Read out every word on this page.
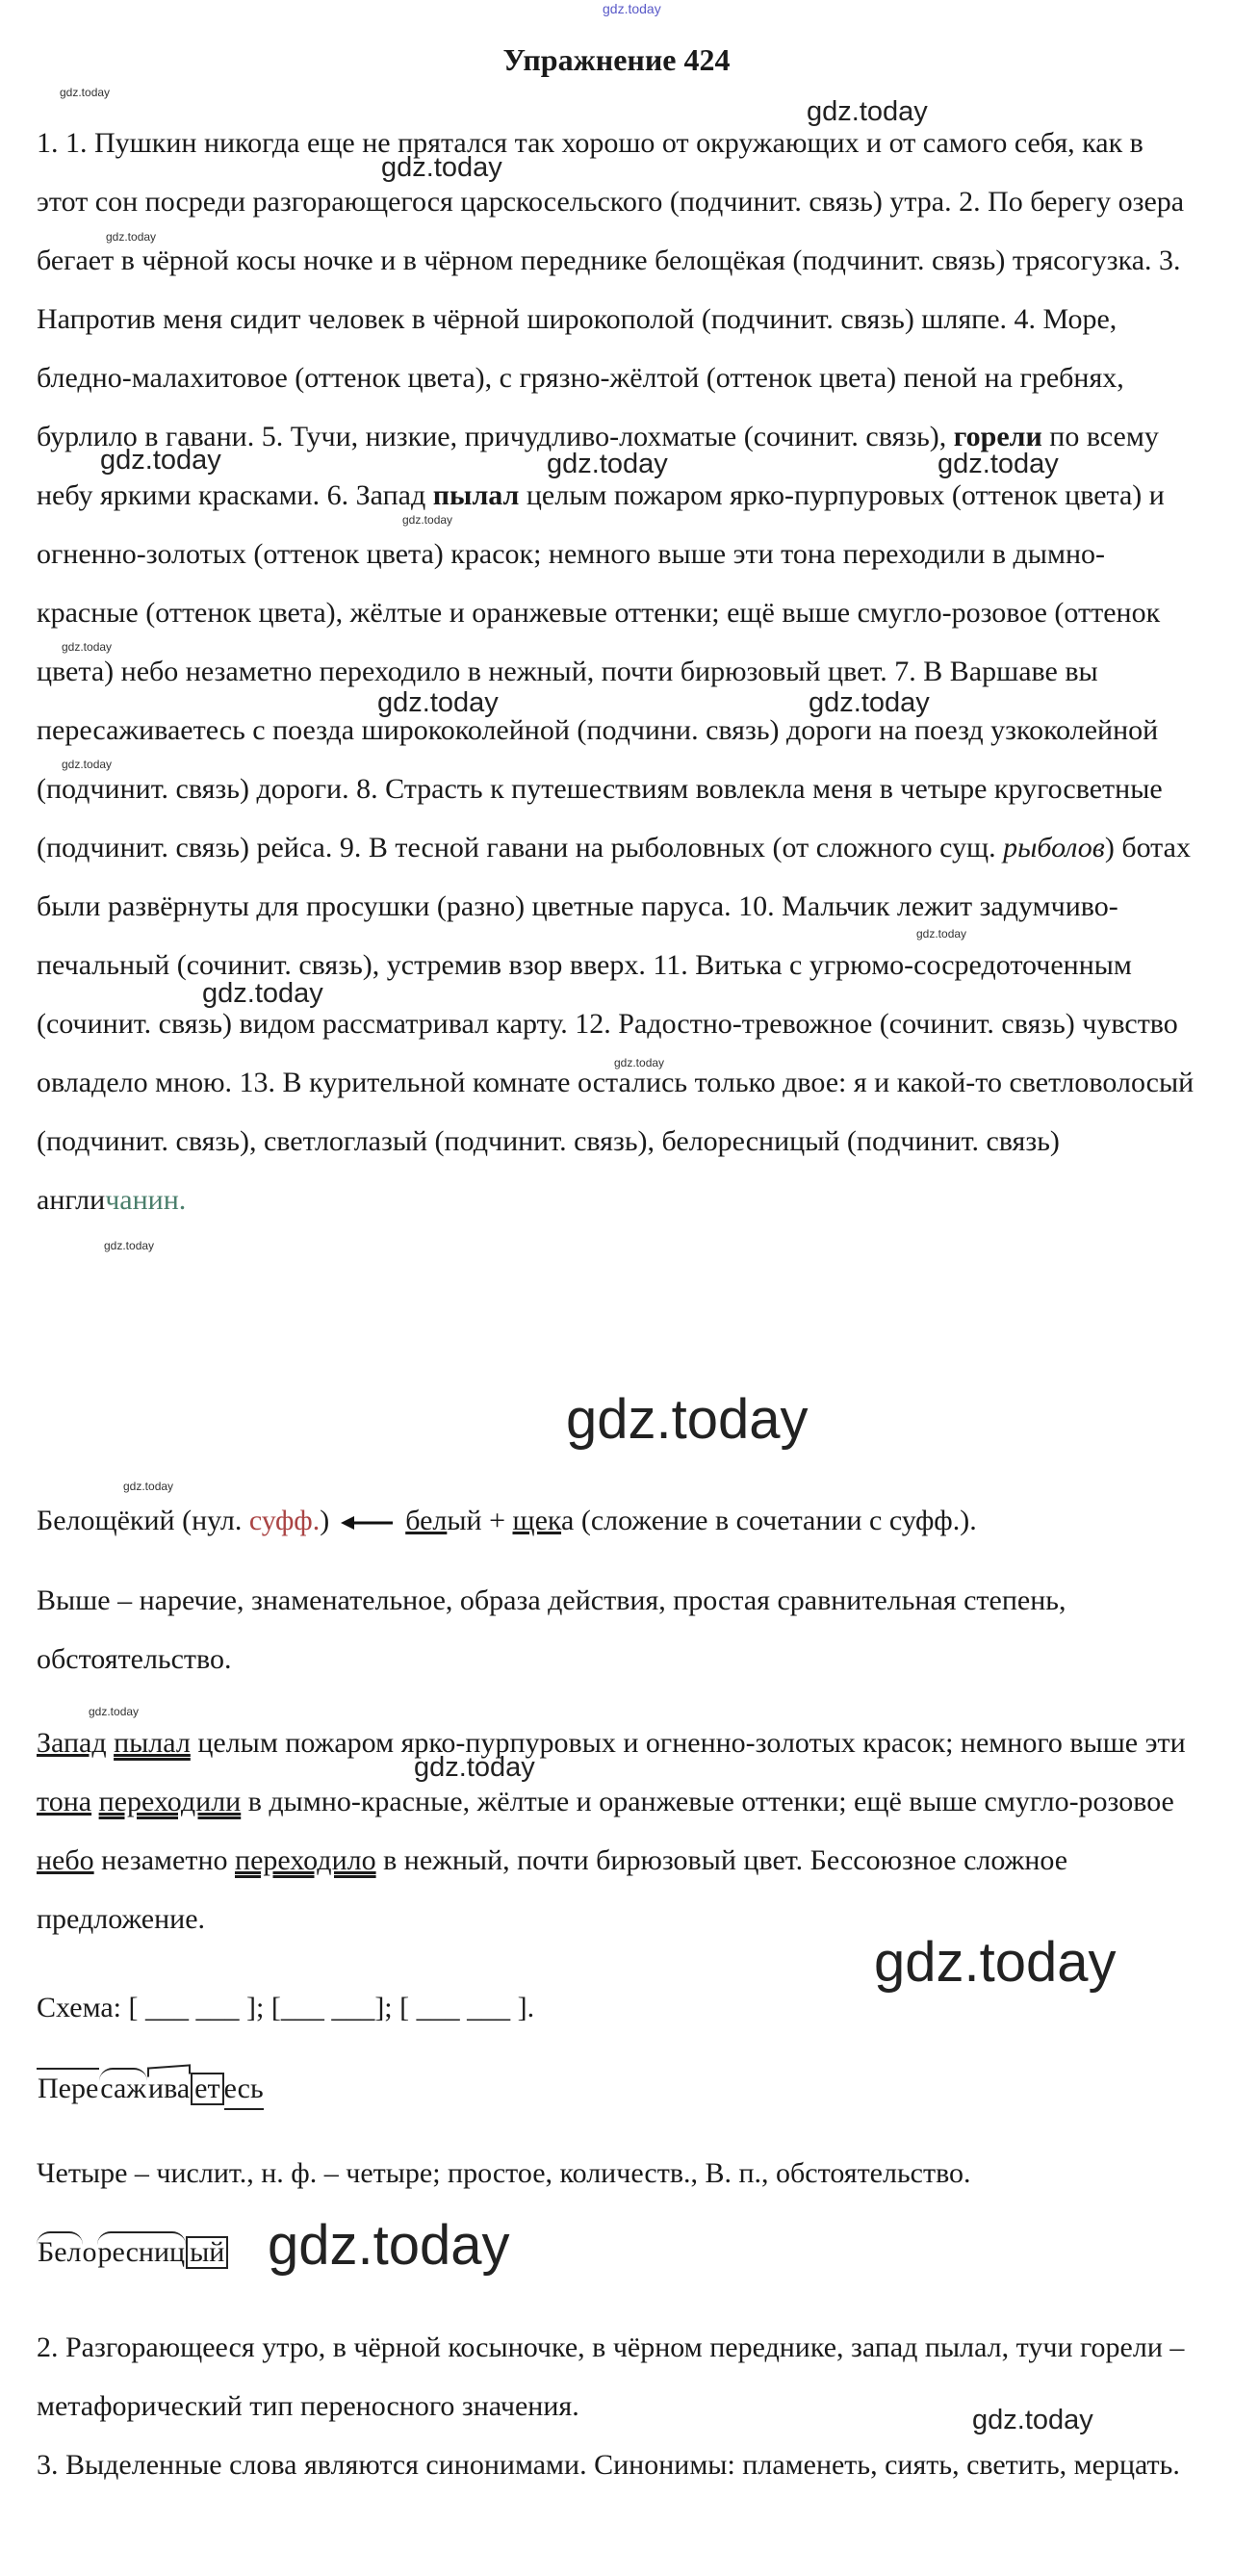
gdz.today
gdz.today
gdz.today
gdz.today
gdz.today
gdz.today
gdz.today
gdz.today	gdz.today
gdz.today
gdz.today	gdz.today
gdz.today
gdz.today
gdz.today
gdz.today
gdz.today
gdz.today
gdz.today
gdz.today
gdz.today
gdz.today
gdz.today
gdz.today
Упражнение 424
1. 1. Пушкин никогда еще не прятался так хорошо от окружающих и от самого себя, как в этот сон посреди разгорающегося царскосельского (подчинит. связь) утра. 2. По берегу озера бегает в чёрной косы ночке и в чёрном переднике белощёкая (подчинит. связь) трясогузка. 3. Напротив меня сидит человек в чёрной широкополой (подчинит. связь) шляпе. 4. Море, бледно-малахитовое (оттенок цвета), с грязно-жёлтой (оттенок цвета) пеной на гребнях, бурлило в гавани. 5. Тучи, низкие, причудливо-лохматые (сочинит. связь), горели по всему небу яркими красками. 6. Запад пылал целым пожаром ярко-пурпуровых (оттенок цвета) и огненно-золотых (оттенок цвета) красок; немного выше эти тона переходили в дымно-красные (оттенок цвета), жёлтые и оранжевые оттенки; ещё выше смугло-розовое (оттенок цвета) небо незаметно переходило в нежный, почти бирюзовый цвет. 7. В Варшаве вы пересаживаетесь с поезда ширококолейной (подчини. связь) дороги на поезд узкоколейной (подчинит. связь) дороги. 8. Страсть к путешествиям вовлекла меня в четыре кругосветные (подчинит. связь) рейса. 9. В тесной гавани на рыболовных (от сложного сущ. рыболов) ботах были развёрнуты для просушки (разно) цветные паруса. 10. Мальчик лежит задумчиво-печальный (сочинит. связь), устремив взор вверх. 11. Витька с угрюмо-сосредоточенным (сочинит. связь) видом рассматривал карту. 12. Радостно-тревожное (сочинит. связь) чувство овладело мною. 13. В курительной комнате остались только двое: я и какой-то светловолосый (подчинит. связь), светлоглазый (подчинит. связь), белоресницый (подчинит. связь) англичанин.
Белощёкий (нул. суфф.)	белый + щека (сложение в сочетании с суфф.).
Выше – наречие, знаменательное, образа действия, простая сравнительная степень, обстоятельство.
Запад пылал целым пожаром ярко-пурпуровых и огненно-золотых красок; немного выше эти тона переходили в дымно-красные, жёлтые и оранжевые оттенки; ещё выше смугло-розовое небо незаметно переходило в нежный, почти бирюзовый цвет. Бессоюзное сложное предложение.
Схема: [ ___ ___ ]; [___ ___]; [ ___ ___ ].
Пересажива ет есь
Четыре – числит., н. ф. – четыре; простое, количеств., В. п., обстоятельство.
Белоресниц ый
2. Разгорающееся утро, в чёрной косыночке, в чёрном переднике, запад пылал, тучи горели – метафорический тип переносного значения.
3. Выделенные слова являются синонимами. Синонимы: пламенеть, сиять, светить, мерцать.
